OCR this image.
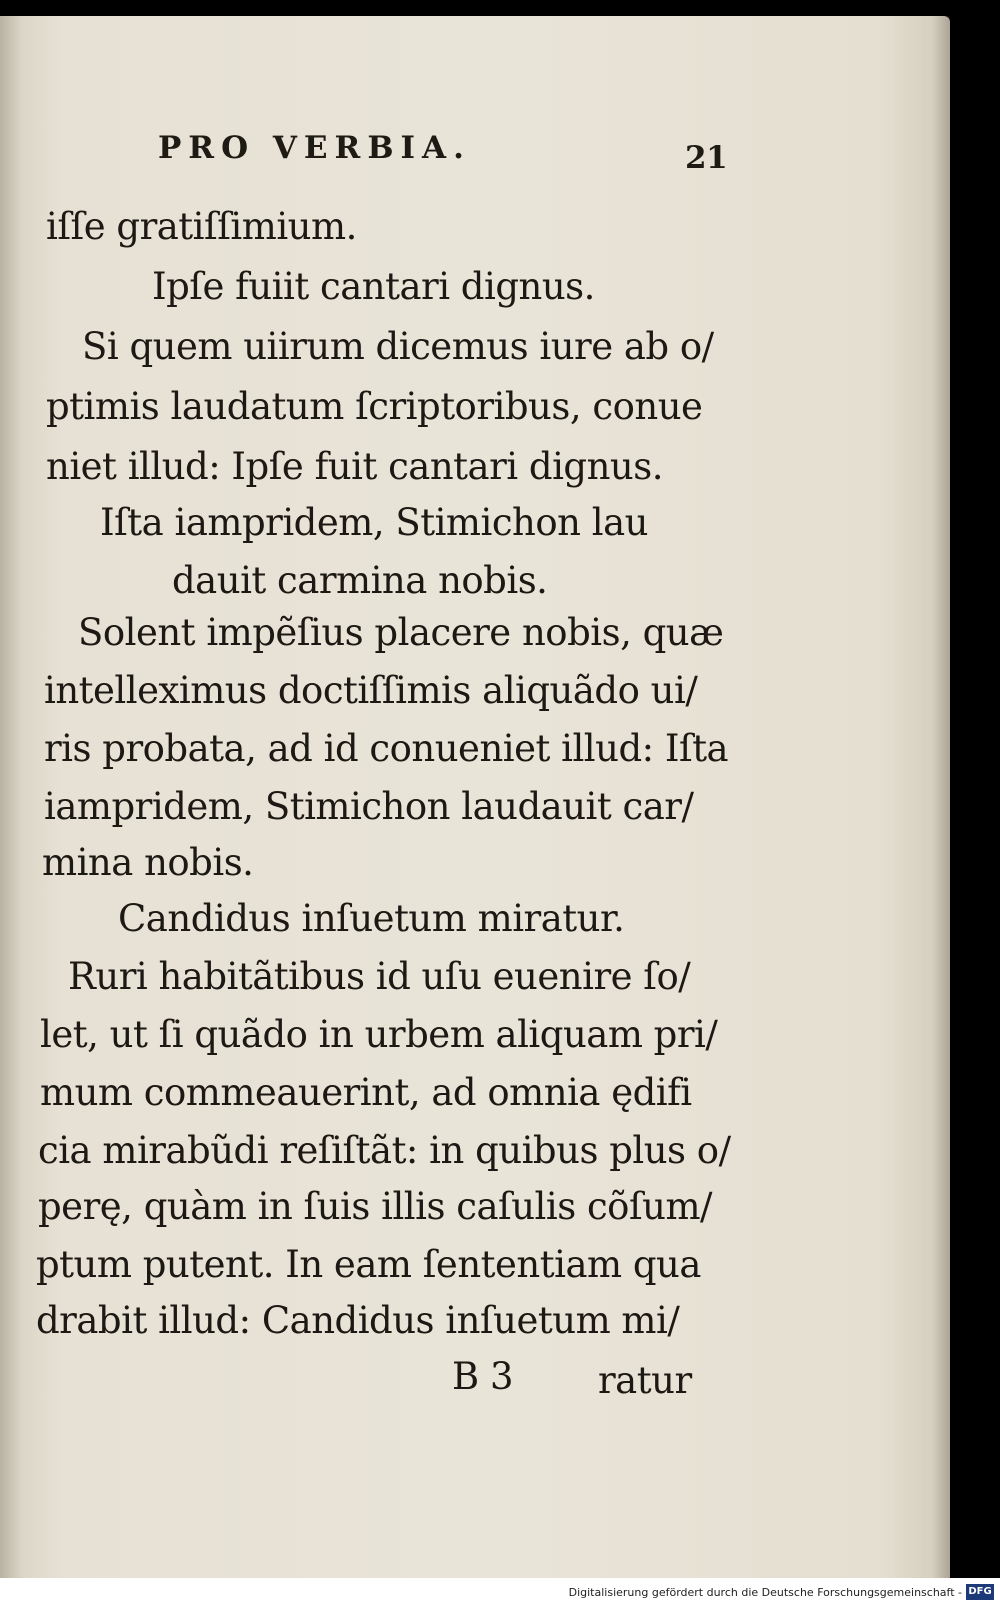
PRO VERBIA.	21
iſſe gratiſſimium.
Ipſe fuiit cantari dignus.
Si quem uiirum dicemus iure ab o/
ptimis laudatum ſcriptoribus, conue
niet illud: Ipſe fuit cantari dignus.
Iſta iampridem, Stimichon lau
dauit carmina nobis.
Solent impẽſius placere nobis, quæ
intelleximus doctiſſimis aliquãdo ui/
ris probata, ad id conueniet illud: Iſta
iampridem, Stimichon laudauit car/
mina nobis.
Candidus inſuetum miratur.
Ruri habitãtibus id uſu euenire ſo/
let, ut ſi quãdo in urbem aliquam pri/
mum commeauerint, ad omnia ędifi
cia mirabũdi reſiſtãt: in quibus plus o/
perę, quàm in ſuis illis caſulis cõſum/
ptum putent. In eam ſententiam qua
drabit illud: Candidus inſuetum mi/
B 3 ratur
Digitalisierung gefördert durch die Deutsche Forschungsgemeinschaft - DFG
